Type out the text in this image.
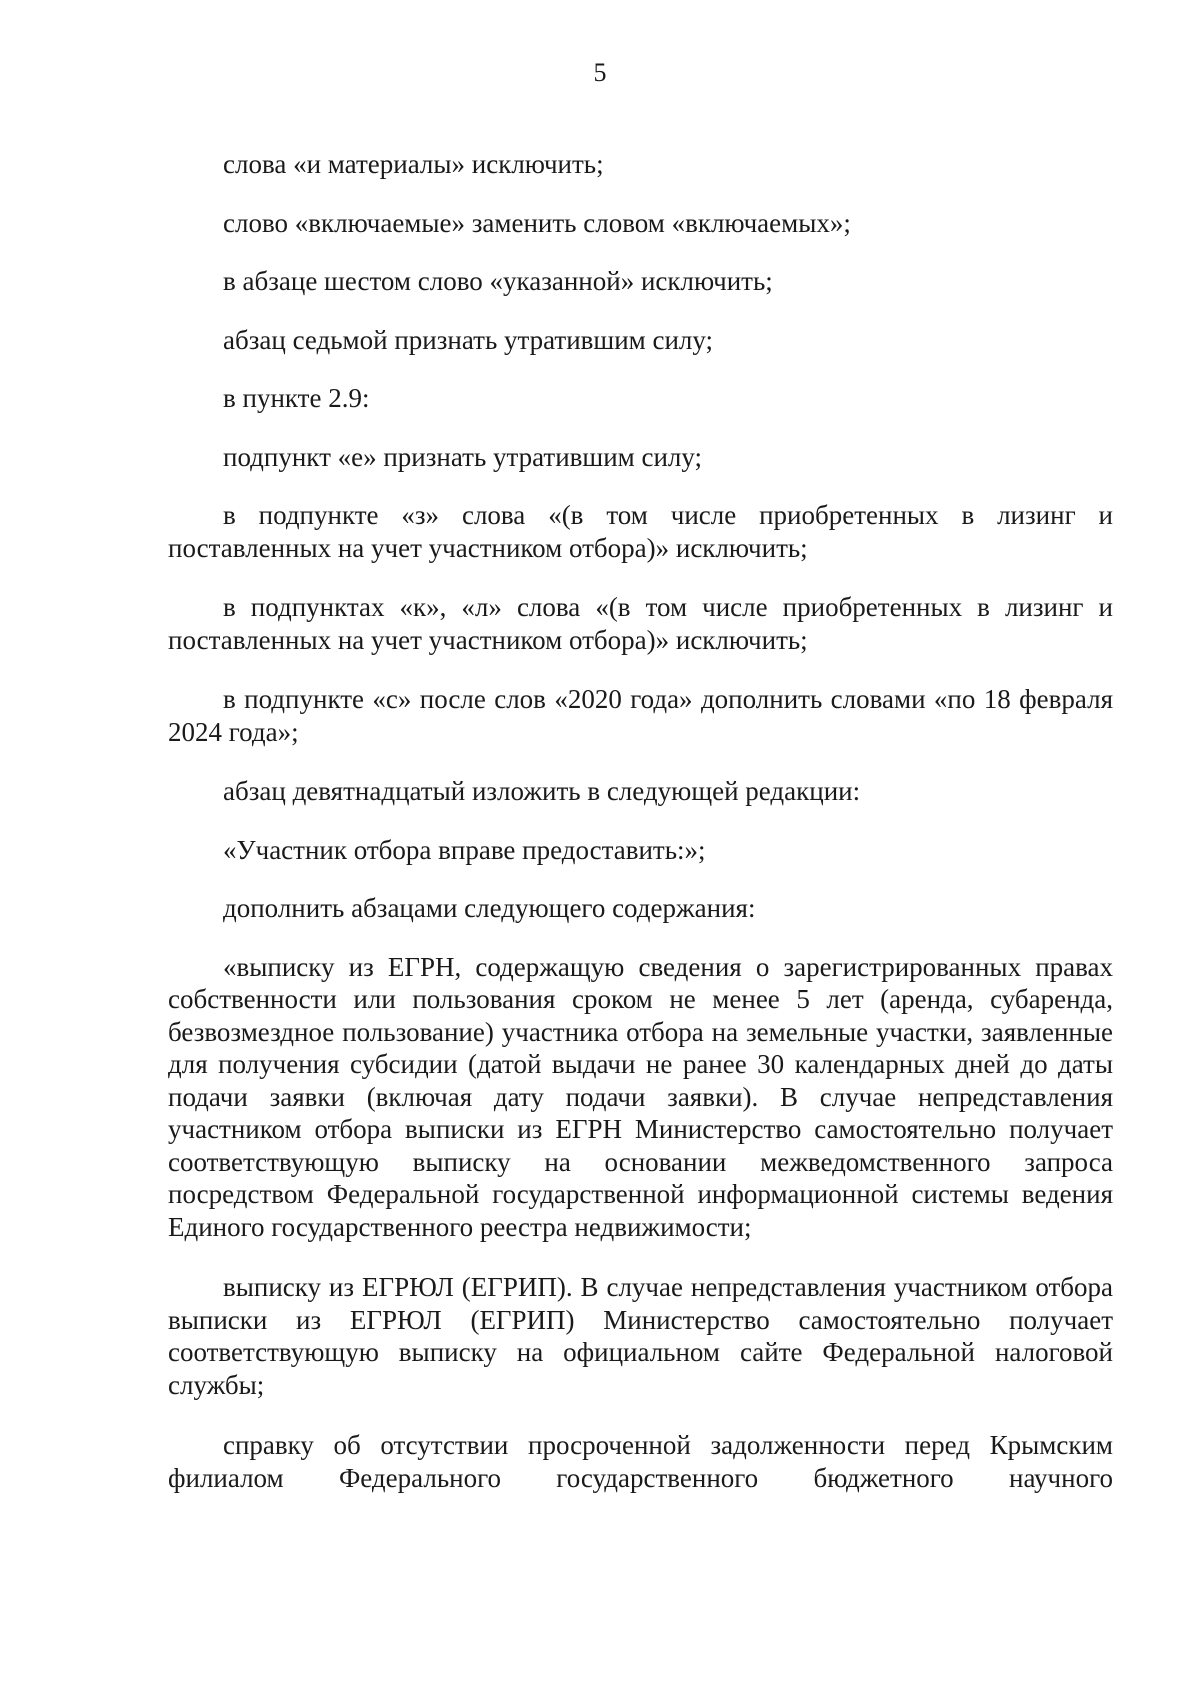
5

слова «и материалы» исключить;

слово «включаемые» заменить словом «включаемых»;

в абзаце шестом слово «указанной» исключить;

абзац седьмой признать утратившим силу;

в пункте 2.9:

подпункт «е» признать утратившим силу;

в подпункте «з» слова «(в том числе приобретенных в лизинг и поставленных на учет участником отбора)» исключить;

в подпунктах «к», «л» слова «(в том числе приобретенных в лизинг и поставленных на учет участником отбора)» исключить;

в подпункте «с» после слов «2020 года» дополнить словами «по 18 февраля 2024 года»;

абзац девятнадцатый изложить в следующей редакции:

«Участник отбора вправе предоставить:»;

дополнить абзацами следующего содержания:

«выписку из ЕГРН, содержащую сведения о зарегистрированных правах собственности или пользования сроком не менее 5 лет (аренда, субаренда, безвозмездное пользование) участника отбора на земельные участки, заявленные для получения субсидии (датой выдачи не ранее 30 календарных дней до даты подачи заявки (включая дату подачи заявки). В случае непредставления участником отбора выписки из ЕГРН Министерство самостоятельно получает соответствующую выписку на основании межведомственного запроса посредством Федеральной государственной информационной системы ведения Единого государственного реестра недвижимости;

выписку из ЕГРЮЛ (ЕГРИП). В случае непредставления участником отбора выписки из ЕГРЮЛ (ЕГРИП) Министерство самостоятельно получает соответствующую выписку на официальном сайте Федеральной налоговой службы;

справку об отсутствии просроченной задолженности перед Крымским филиалом Федерального государственного бюджетного научного
